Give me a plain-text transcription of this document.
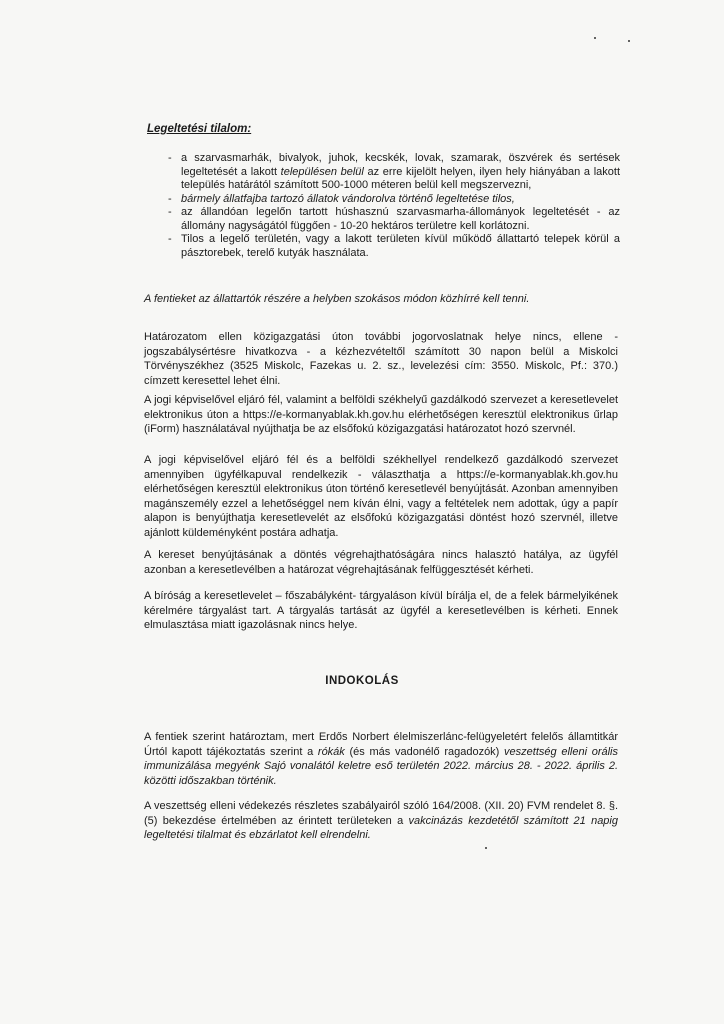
Legeltetési tilalom:
- a szarvasmarhák, bivalyok, juhok, kecskék, lovak, szamarak, öszvérek és sertések legeltetését a lakott településen belül az erre kijelölt helyen, ilyen hely hiányában a lakott település határától számított 500-1000 méteren belül kell megszervezni,
- bármely állatfajba tartozó állatok vándorolva történő legeltetése tilos,
- az állandóan legelőn tartott húshasznú szarvasmarha-állományok legeltetését - az állomány nagyságától függően - 10-20 hektáros területre kell korlátozni.
- Tilos a legelő területén, vagy a lakott területen kívül működő állattartó telepek körül a pásztorebek, terelő kutyák használata.
A fentieket az állattartók részére a helyben szokásos módon közhírré kell tenni.

Határozatom ellen közigazgatási úton további jogorvoslatnak helye nincs, ellene - jogszabálysértésre hivatkozva - a kézhezvételtől számított 30 napon belül a Miskolci Törvényszékhez (3525 Miskolc, Fazekas u. 2. sz., levelezési cím: 3550. Miskolc, Pf.: 370.) címzett keresettel lehet élni.

A jogi képviselővel eljáró fél, valamint a belföldi székhelyű gazdálkodó szervezet a keresetlevelet elektronikus úton a https://e-kormanyablak.kh.gov.hu elérhetőségen keresztül elektronikus űrlap (iForm) használatával nyújthatja be az elsőfokú közigazgatási határozatot hozó szervnél.

A jogi képviselővel eljáró fél és a belföldi székhellyel rendelkező gazdálkodó szervezet amennyiben ügyfélkapuval rendelkezik - választhatja a https://e-kormanyablak.kh.gov.hu elérhetőségen keresztül elektronikus úton történő keresetlevél benyújtását. Azonban amennyiben magánszemély ezzel a lehetőséggel nem kíván élni, vagy a feltételek nem adottak, úgy a papír alapon is benyújthatja keresetlevelét az elsőfokú közigazgatási döntést hozó szervnél, illetve ajánlott küldeményként postára adhatja.

A kereset benyújtásának a döntés végrehajthatóságára nincs halasztó hatálya, az ügyfél azonban a keresetlevélben a határozat végrehajtásának felfüggesztését kérheti.

A bíróság a keresetlevelet – főszabályként- tárgyaláson kívül bírálja el, de a felek bármelyikének kérelmére tárgyalást tart. A tárgyalás tartását az ügyfél a keresetlevélben is kérheti. Ennek elmulasztása miatt igazolásnak nincs helye.

INDOKOLÁS

A fentiek szerint határoztam, mert Erdős Norbert élelmiszerlánc-felügyeletért felelős államtitkár Úrtól kapott tájékoztatás szerint a rókák (és más vadonélő ragadozók) veszettség elleni orális immunizálása megyénk Sajó vonalától keletre eső területén 2022. március 28. - 2022. április 2. közötti időszakban történik.

A veszettség elleni védekezés részletes szabályairól szóló 164/2008. (XII. 20) FVM rendelet 8. §. (5) bekezdése értelmében az érintett területeken a vakcinázás kezdetétől számított 21 napig legeltetési tilalmat és ebzárlatot kell elrendelni.
